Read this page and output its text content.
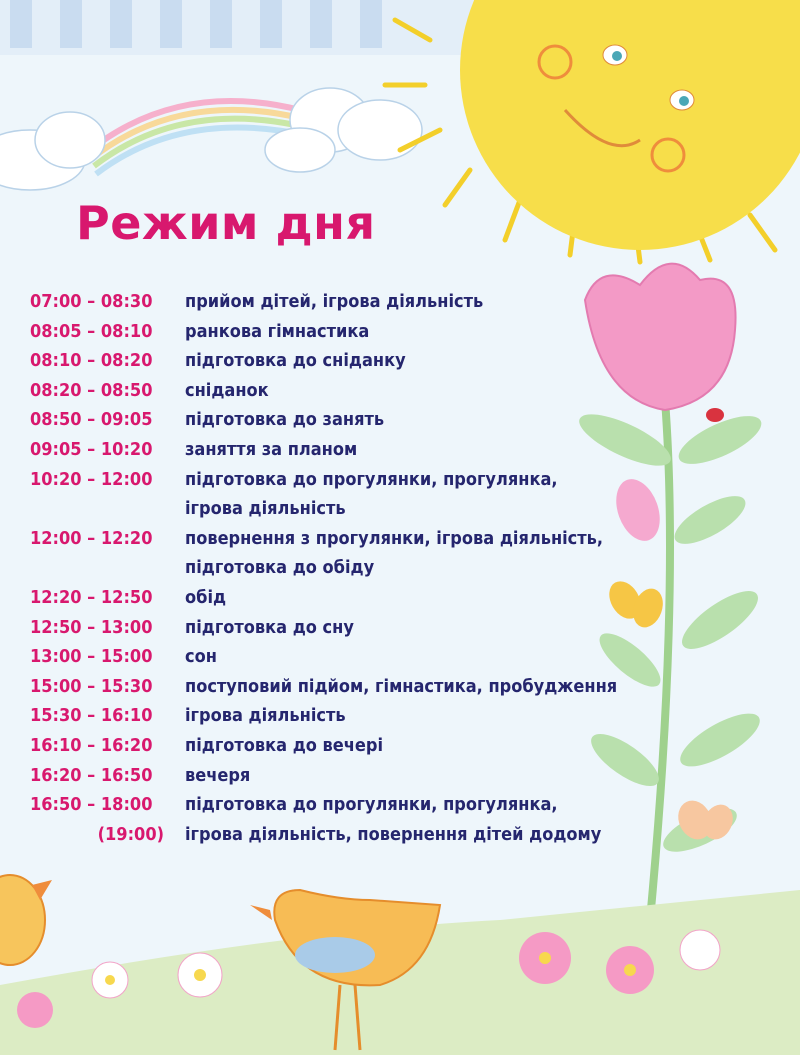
Режим дня
07:00 – 08:30	прийом дітей, ігрова діяльність
08:05 – 08:10	ранкова гімнастика
08:10 – 08:20	підготовка до сніданку
08:20 – 08:50	сніданок
08:50 – 09:05	підготовка до занять
09:05 – 10:20	заняття за планом
10:20 – 12:00	підготовка до прогулянки, прогулянка,
ігрова діяльність
12:00 – 12:20	повернення з прогулянки, ігрова діяльність,
підготовка до обіду
12:20 – 12:50	обід
12:50 – 13:00	підготовка до сну
13:00 – 15:00	сон
15:00 – 15:30	поступовий підйом, гімнастика, пробудження
15:30 – 16:10	ігрова діяльність
16:10 – 16:20	підготовка до вечері
16:20 – 16:50	вечеря
16:50 – 18:00	підготовка до прогулянки, прогулянка,
(19:00) ігрова діяльність, повернення дітей додому
